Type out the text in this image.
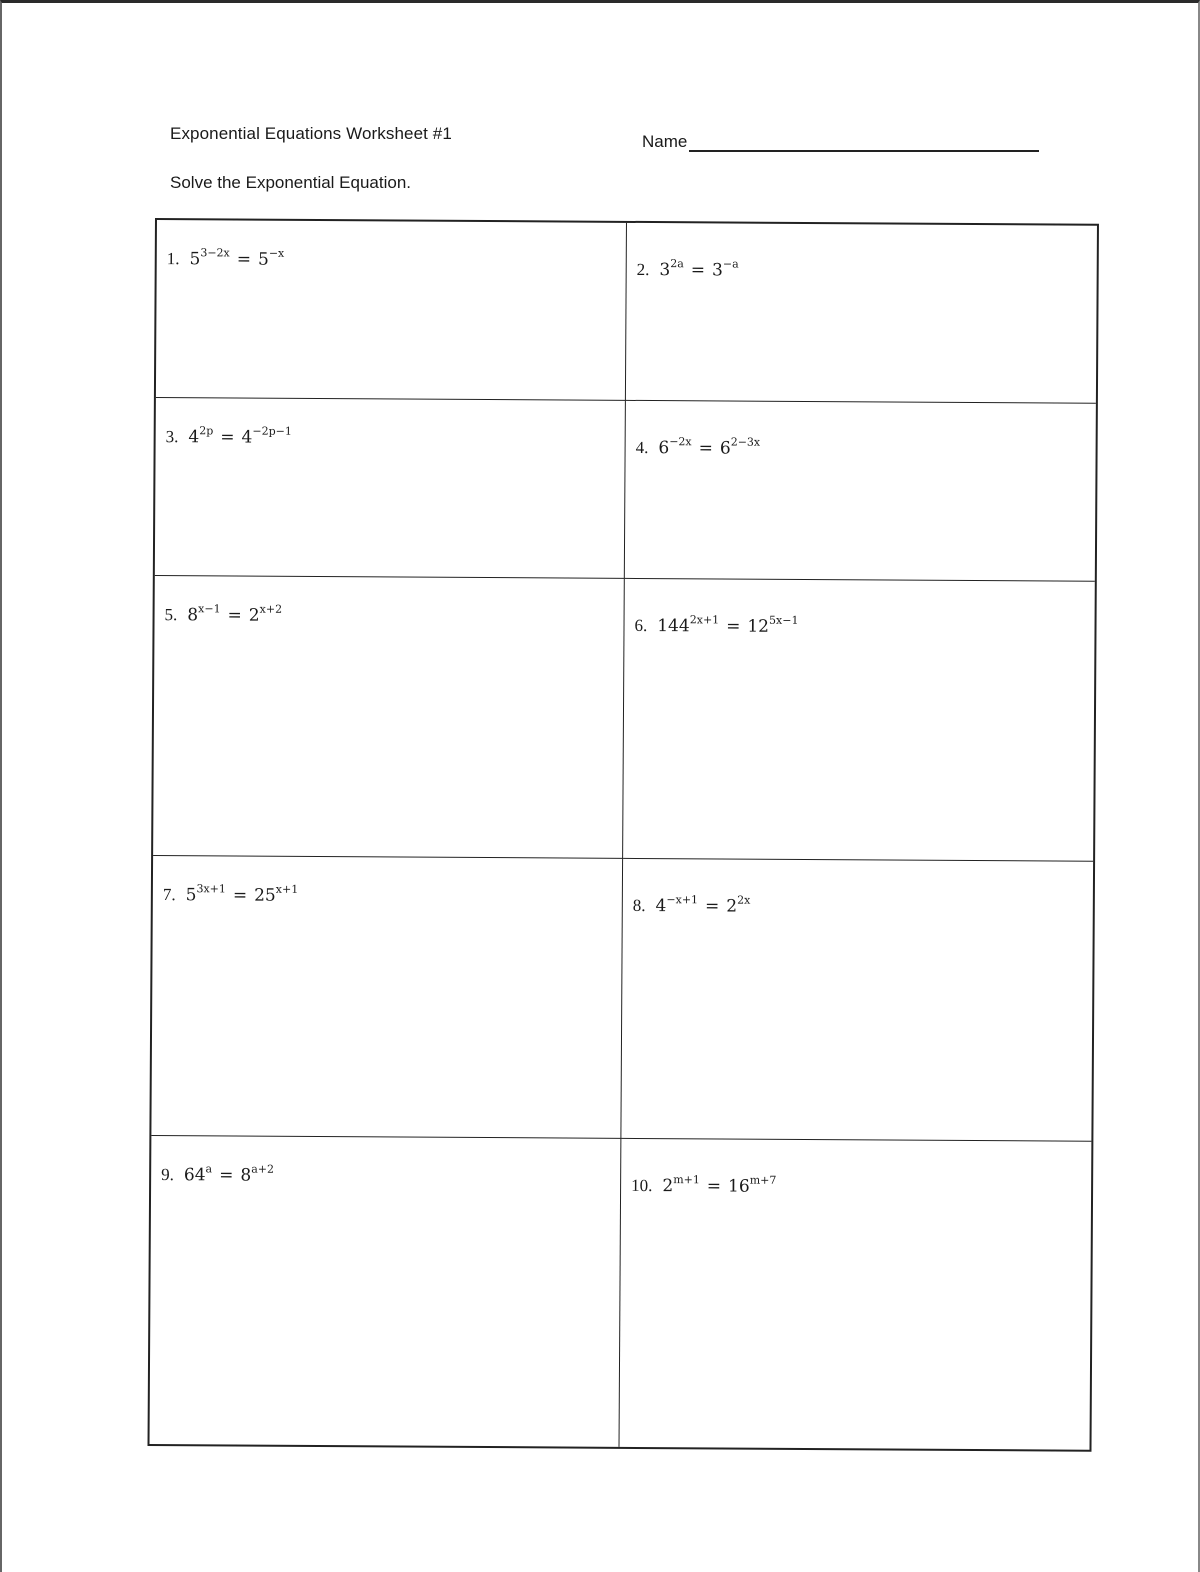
Exponential Equations Worksheet #1	Name
Solve the Exponential Equation.
1. $5^{3-2x} = 5^{-x}$
2. $3^{2a} = 3^{-a}$
3. $4^{2p} = 4^{-2p-1}$
4. $6^{-2x} = 6^{2-3x}$
5. $8^{x-1} = 2^{x+2}$
6. $144^{2x+1} = 12^{5x-1}$
7. $5^{3x+1} = 25^{x+1}$
8. $4^{-x+1} = 2^{2x}$
9. $64^a = 8^{a+2}$
10. $2^{m+1} = 16^{m+7}$
